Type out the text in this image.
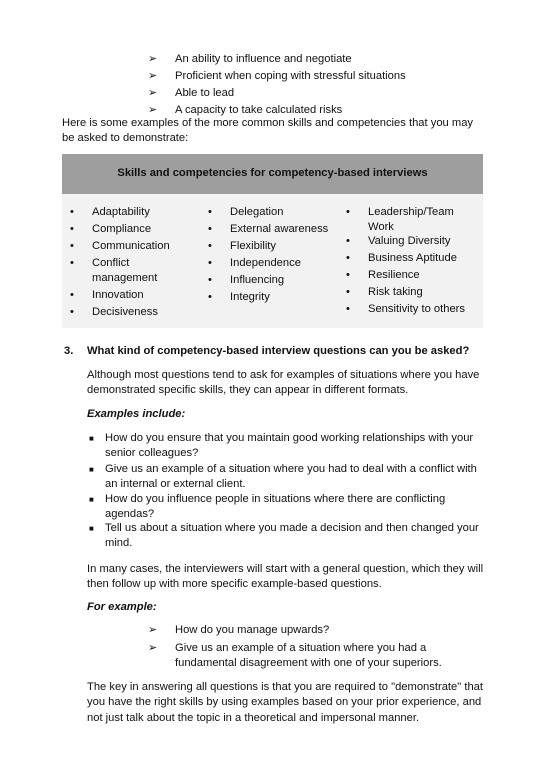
➢	An ability to influence and negotiate
➢	Proficient when coping with stressful situations
➢	Able to lead
➢	A capacity to take calculated risks
Here is some examples of the more common skills and competencies that you may be asked to demonstrate:
Skills and competencies for competency-based interviews
• Adaptability
• Compliance
• Communication
• Conflict management
• Innovation
• Decisiveness
• Delegation
• External awareness
• Flexibility
• Independence
• Influencing
• Integrity
• Leadership/Team Work
• Valuing Diversity
• Business Aptitude
• Resilience
• Risk taking
• Sensitivity to others
3. What kind of competency-based interview questions can you be asked?
Although most questions tend to ask for examples of situations where you have demonstrated specific skills, they can appear in different formats.
Examples include:
■ How do you ensure that you maintain good working relationships with your senior colleagues?
■ Give us an example of a situation where you had to deal with a conflict with an internal or external client.
■ How do you influence people in situations where there are conflicting agendas?
■ Tell us about a situation where you made a decision and then changed your mind.
In many cases, the interviewers will start with a general question, which they will then follow up with more specific example-based questions.
For example:
➢	How do you manage upwards?
➢	Give us an example of a situation where you had a fundamental disagreement with one of your superiors.
The key in answering all questions is that you are required to "demonstrate" that you have the right skills by using examples based on your prior experience, and not just talk about the topic in a theoretical and impersonal manner.
